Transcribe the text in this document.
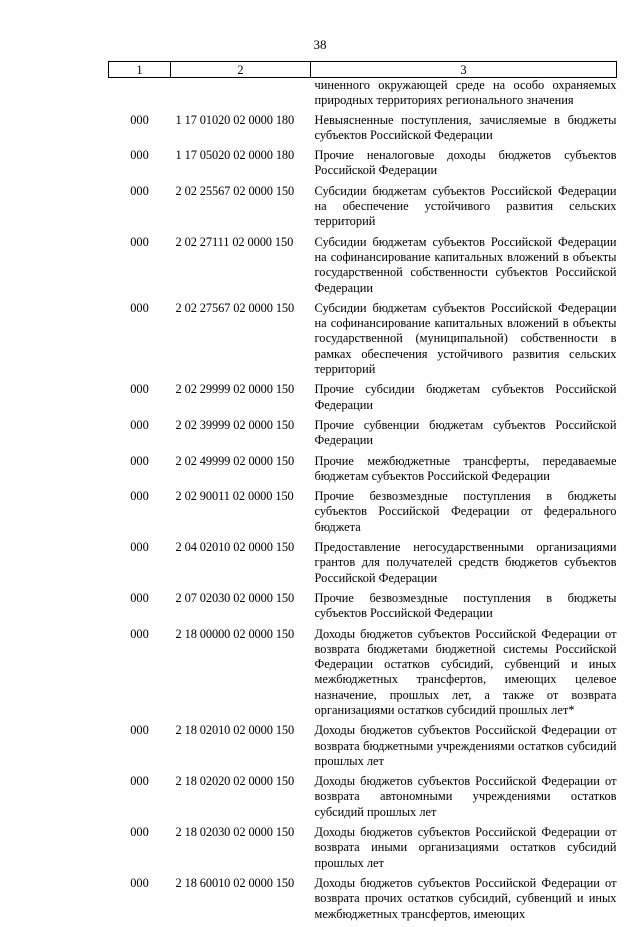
38
1	2	3
		чиненного окружающей среде на особо охраняемых природных территориях регионального значения
000	1 17 01020 02 0000 180	Невыясненные поступления, зачисляемые в бюджеты субъектов Российской Федерации
000	1 17 05020 02 0000 180	Прочие неналоговые доходы бюджетов субъектов Российской Федерации
000	2 02 25567 02 0000 150	Субсидии бюджетам субъектов Российской Федерации на обеспечение устойчивого развития сельских территорий
000	2 02 27111 02 0000 150	Субсидии бюджетам субъектов Российской Федерации на софинансирование капитальных вложений в объекты государственной собственности субъектов Российской Федерации
000	2 02 27567 02 0000 150	Субсидии бюджетам субъектов Российской Федерации на софинансирование капитальных вложений в объекты государственной (муниципальной) собственности в рамках обеспечения устойчивого развития сельских территорий
000	2 02 29999 02 0000 150	Прочие субсидии бюджетам субъектов Российской Федерации
000	2 02 39999 02 0000 150	Прочие субвенции бюджетам субъектов Российской Федерации
000	2 02 49999 02 0000 150	Прочие межбюджетные трансферты, передаваемые бюджетам субъектов Российской Федерации
000	2 02 90011 02 0000 150	Прочие безвозмездные поступления в бюджеты субъектов Российской Федерации от федерального бюджета
000	2 04 02010 02 0000 150	Предоставление негосударственными организациями грантов для получателей средств бюджетов субъектов Российской Федерации
000	2 07 02030 02 0000 150	Прочие безвозмездные поступления в бюджеты субъектов Российской Федерации
000	2 18 00000 02 0000 150	Доходы бюджетов субъектов Российской Федерации от возврата бюджетами бюджетной системы Российской Федерации остатков субсидий, субвенций и иных межбюджетных трансфертов, имеющих целевое назначение, прошлых лет, а также от возврата организациями остатков субсидий прошлых лет*
000	2 18 02010 02 0000 150	Доходы бюджетов субъектов Российской Федерации от возврата бюджетными учреждениями остатков субсидий прошлых лет
000	2 18 02020 02 0000 150	Доходы бюджетов субъектов Российской Федерации от возврата автономными учреждениями остатков субсидий прошлых лет
000	2 18 02030 02 0000 150	Доходы бюджетов субъектов Российской Федерации от возврата иными организациями остатков субсидий прошлых лет
000	2 18 60010 02 0000 150	Доходы бюджетов субъектов Российской Федерации от возврата прочих остатков субсидий, субвенций и иных межбюджетных трансфертов, имеющих
